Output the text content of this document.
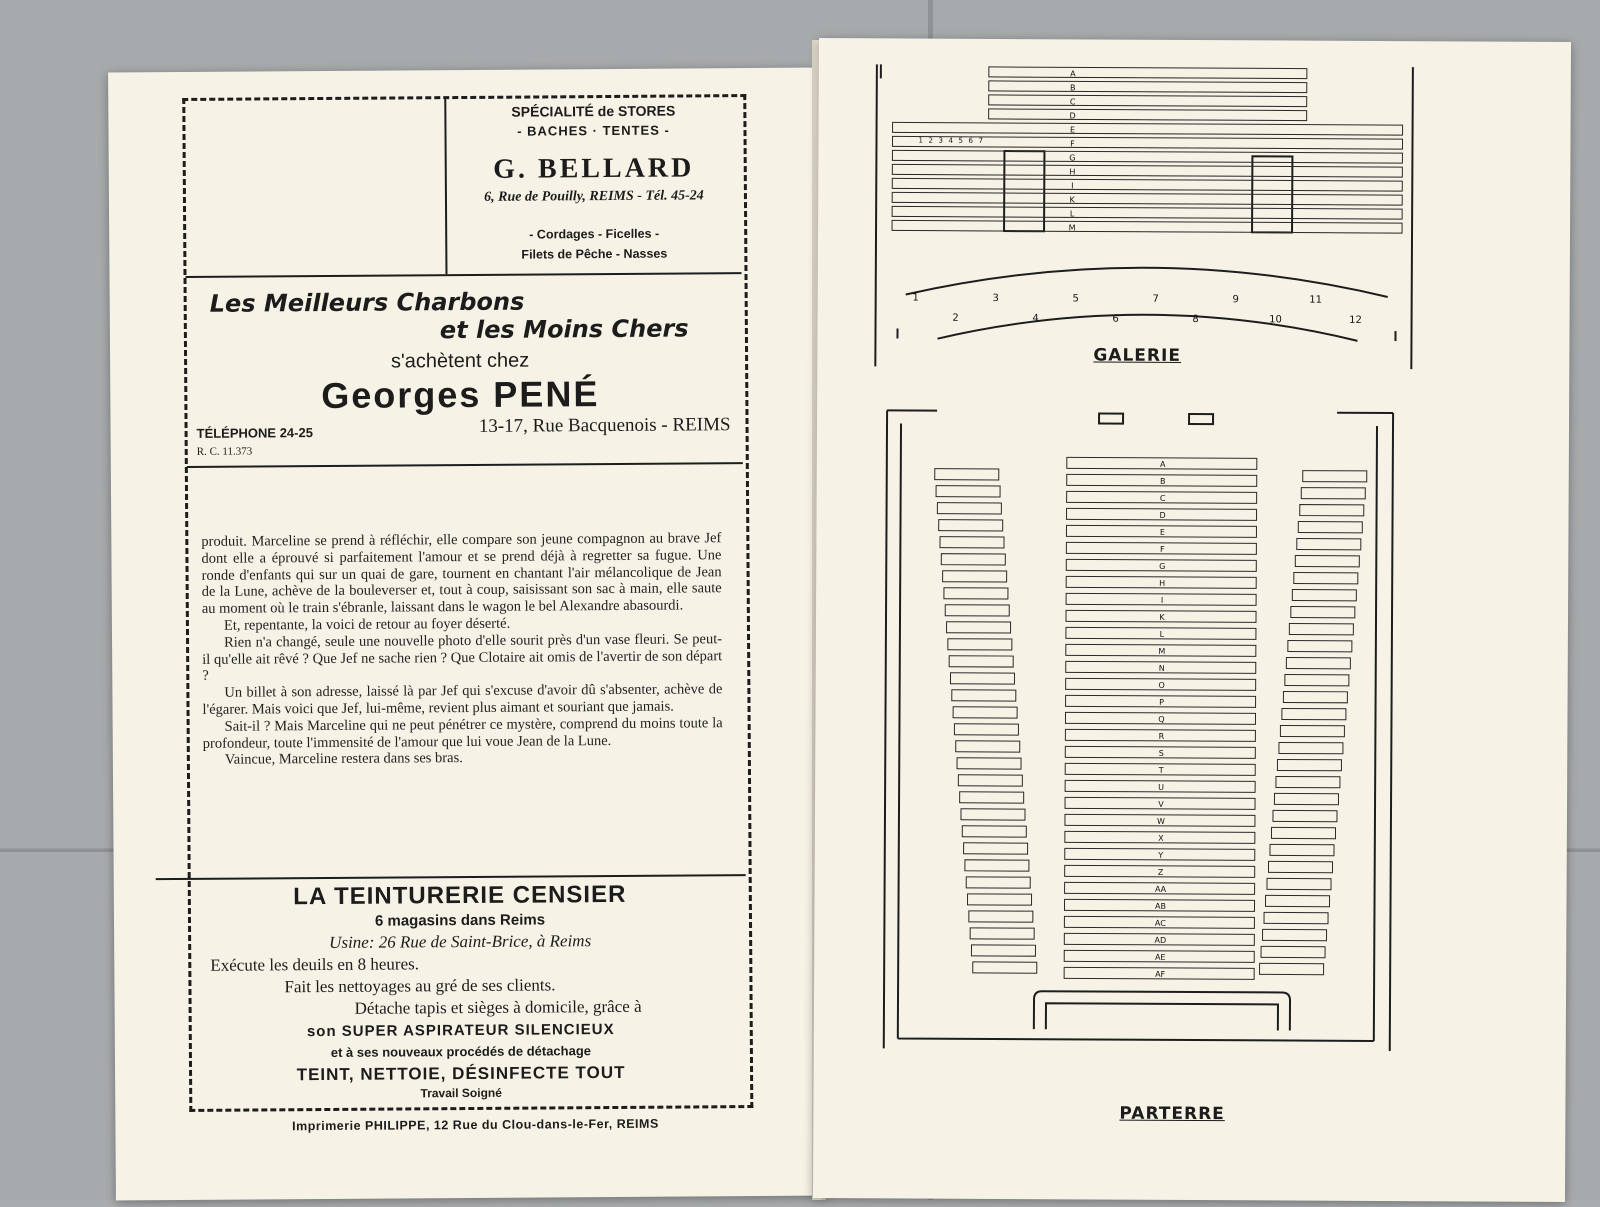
SPÉCIALITÉ de STORES
- BACHES · TENTES -
G. BELLARD
6, Rue de Pouilly, REIMS - Tél. 45-24
- Cordages - Ficelles -
Filets de Pêche - Nasses
Les Meilleurs Charbons
et les Moins Chers
s'achètent chez
Georges PENÉ
TÉLÉPHONE 24-25
R. C. 11.373
13-17, Rue Bacquenois - REIMS

produit. Marceline se prend à réfléchir, elle compare son jeune compagnon au brave Jef dont elle a éprouvé si parfaitement l'amour et se prend déjà à regretter sa fugue. Une ronde d'enfants qui sur un quai de gare, tournent en chantant l'air mélancolique de Jean de la Lune, achève de la bouleverser et, tout à coup, saisissant son sac à main, elle saute au moment où le train s'ébranle, laissant dans le wagon le bel Alexandre abasourdi.

Et, repentante, la voici de retour au foyer déserté.

Rien n'a changé, seule une nouvelle photo d'elle sourit près d'un vase fleuri. Se peut-il qu'elle ait rêvé ? Que Jef ne sache rien ? Que Clotaire ait omis de l'avertir de son départ ?

Un billet à son adresse, laissé là par Jef qui s'excuse d'avoir dû s'absenter, achève de l'égarer. Mais voici que Jef, lui-même, revient plus aimant et souriant que jamais.

Sait-il ? Mais Marceline qui ne peut pénétrer ce mystère, comprend du moins toute la profondeur, toute l'immensité de l'amour que lui voue Jean de la Lune.

Vaincue, Marceline restera dans ses bras.

LA TEINTURERIE CENSIER
6 magasins dans Reims
Usine: 26 Rue de Saint-Brice, à Reims
Exécute les deuils en 8 heures.
Fait les nettoyages au gré de ses clients.
Détache tapis et sièges à domicile, grâce à
son SUPER ASPIRATEUR SILENCIEUX
et à ses nouveaux procédés de détachage
TEINT, NETTOIE, DÉSINFECTE TOUT
Travail Soigné
Imprimerie PHILIPPE, 12 Rue du Clou-dans-le-Fer, REIMS
1
2
3
4
5
6
7
8
9
10
11
12
1 2 3 4 5 6 7
A
B
C
D
E
F
G
H
I
K
L
M
A
B
C
D
E
F
G
H
I
K
L
M
N
O
P
Q
R
S
T
U
V
W
X
Y
Z
AA
AB
AC
AD
AE
AF
GALERIE
PARTERRE
